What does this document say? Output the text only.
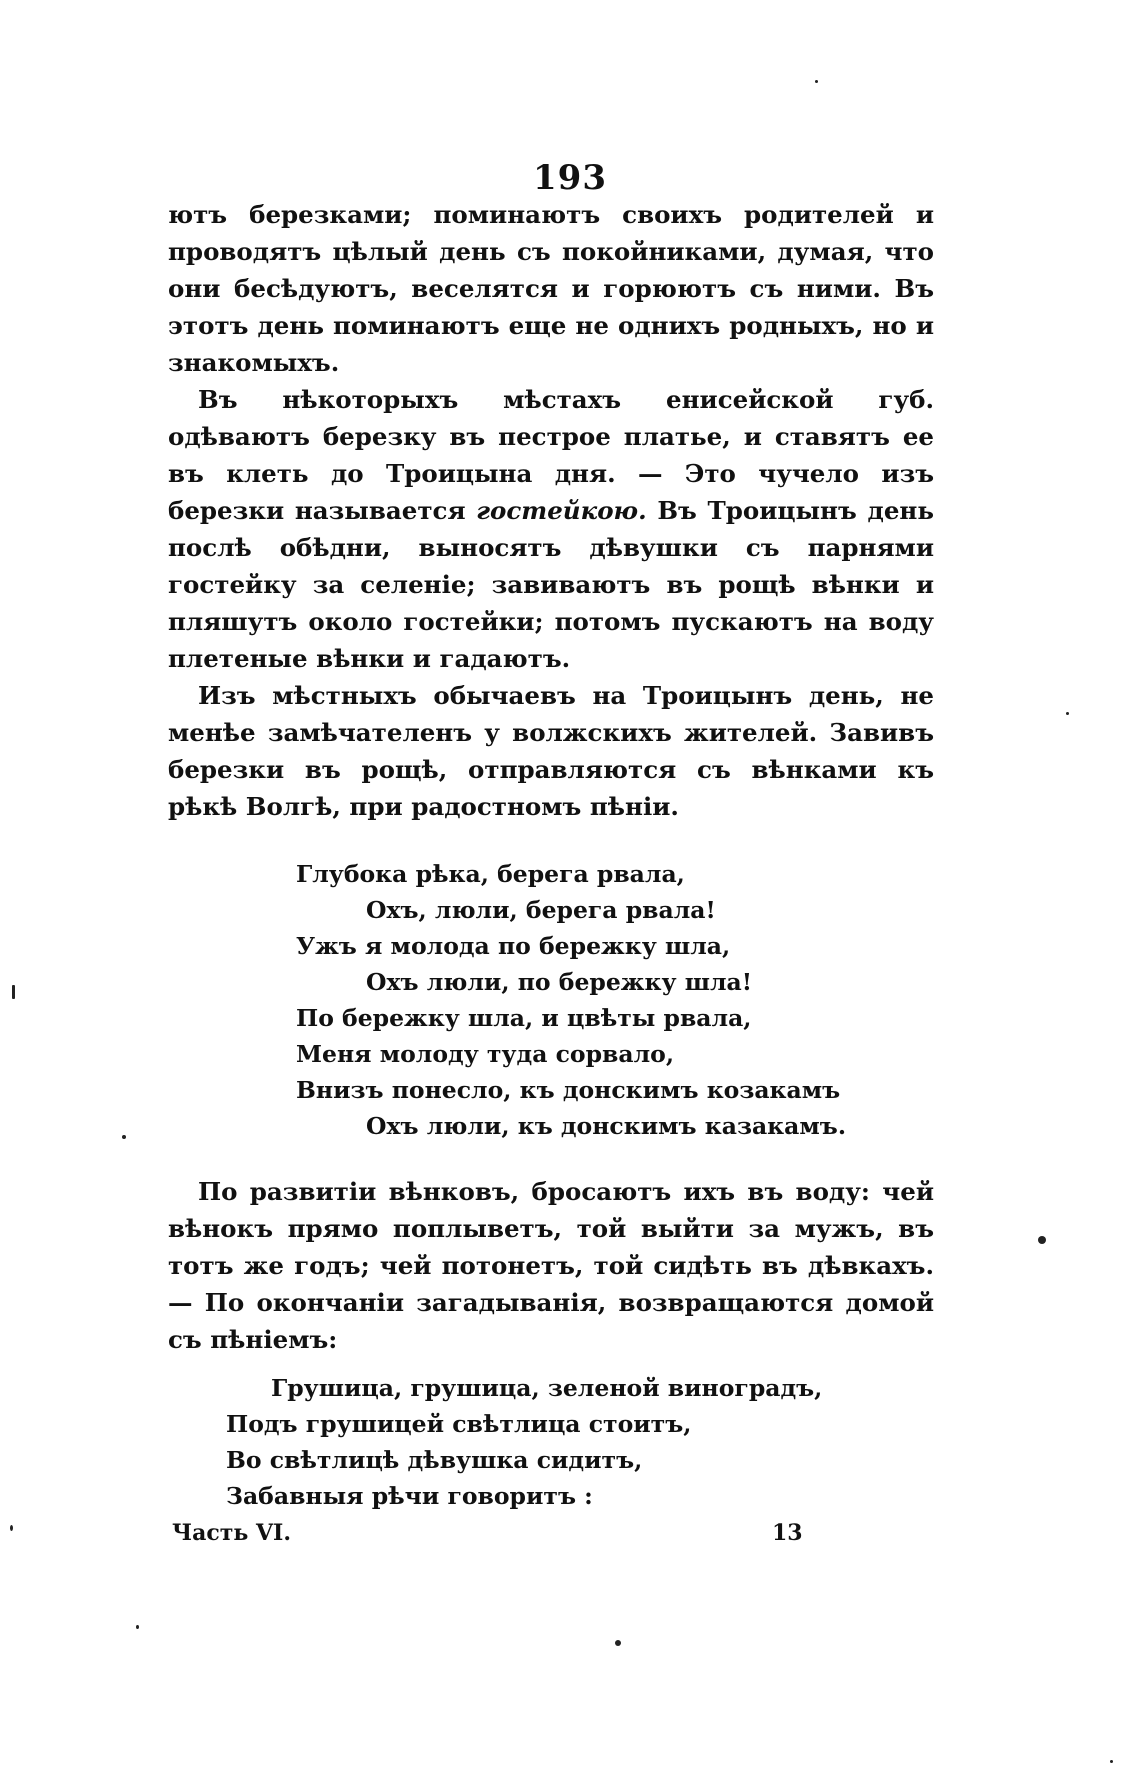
193

ютъ березками; поминаютъ своихъ родителей и проводятъ цѣлый день съ покойниками, думая, что они бесѣдуютъ, веселятся и горюютъ съ ними. Въ этотъ день поминаютъ еще не однихъ родныхъ, но и знакомыхъ.

Въ нѣкоторыхъ мѣстахъ енисейской губ. одѣваютъ березку въ пестрое платье, и ставятъ ее въ клеть до Троицына дня. — Это чучело изъ березки называется гостейкою. Въ Троицынъ день послѣ обѣдни, выносятъ дѣвушки съ парнями гостейку за селеніе; завиваютъ въ рощѣ вѣнки и пляшутъ около гостейки; потомъ пускаютъ на воду плетеные вѣнки и гадаютъ.

Изъ мѣстныхъ обычаевъ на Троицынъ день, не менѣе замѣчателенъ у волжскихъ жителей. Завивъ березки въ рощѣ, отправляются съ вѣнками къ рѣкѣ Волгѣ, при радостномъ пѣніи.

Глубока рѣка, берега рвала,
Охъ, люли, берега рвала!
Ужъ я молода по бережку шла,
Охъ люли, по бережку шла!
По бережку шла, и цвѣты рвала,
Меня молоду туда сорвало,
Внизъ понесло, къ донскимъ козакамъ
Охъ люли, къ донскимъ казакамъ.

По развитіи вѣнковъ, бросаютъ ихъ въ воду: чей вѣнокъ прямо поплыветъ, той выйти за мужъ, въ тотъ же годъ; чей потонетъ, той сидѣть въ дѣвкахъ.— По окончаніи загадыванія, возвращаются домой съ пѣніемъ:

Грушица, грушица, зеленой виноградъ,
Подъ грушицей свѣтлица стоитъ,
Во свѣтлицѣ дѣвушка сидитъ,
Забавныя рѣчи говоритъ :
Часть VI.	13
